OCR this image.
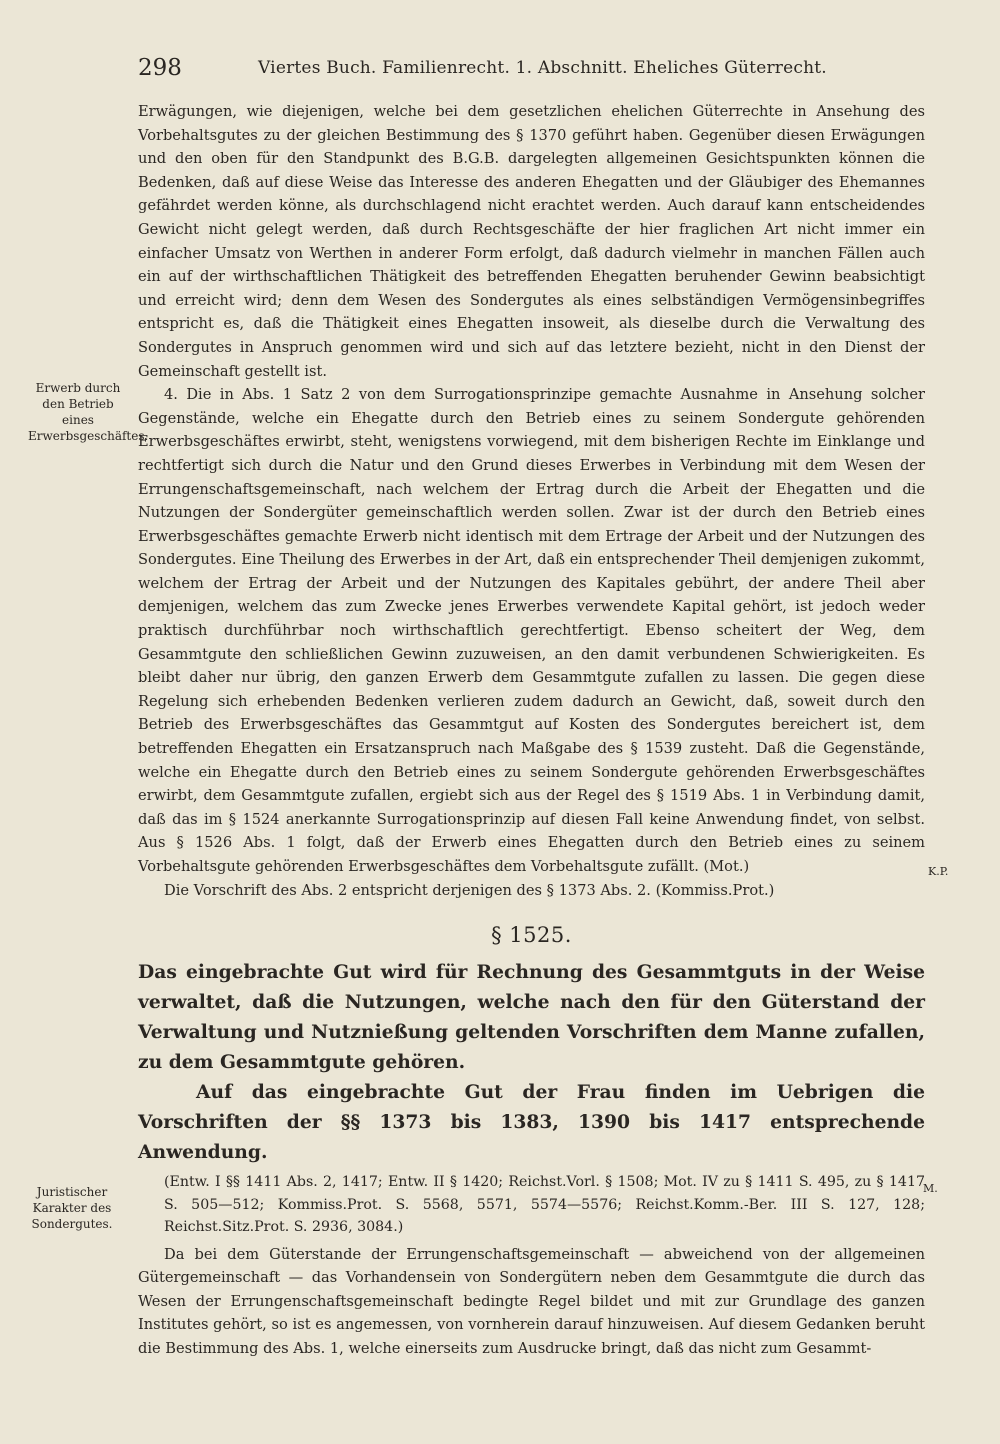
298	Viertes Buch. Familienrecht. 1. Abschnitt. Eheliches Güterrecht.
Erwerb durch den Betrieb eines Erwerbsgeschäftes.
Juristischer Karakter des Sondergutes.
K.P.
M.

Erwägungen, wie diejenigen, welche bei dem gesetzlichen ehelichen Güterrechte in Ansehung des Vorbehaltsgutes zu der gleichen Bestimmung des § 1370 geführt haben. Gegenüber diesen Erwägungen und den oben für den Standpunkt des B.G.B. dargelegten allgemeinen Gesichtspunkten können die Bedenken, daß auf diese Weise das Interesse des anderen Ehegatten und der Gläubiger des Ehemannes gefährdet werden könne, als durchschlagend nicht erachtet werden. Auch darauf kann entscheidendes Gewicht nicht gelegt werden, daß durch Rechtsgeschäfte der hier fraglichen Art nicht immer ein einfacher Umsatz von Werthen in anderer Form erfolgt, daß dadurch vielmehr in manchen Fällen auch ein auf der wirthschaftlichen Thätigkeit des betreffenden Ehegatten beruhender Gewinn beabsichtigt und erreicht wird; denn dem Wesen des Sondergutes als eines selbständigen Vermögensinbegriffes entspricht es, daß die Thätigkeit eines Ehegatten insoweit, als dieselbe durch die Verwaltung des Sondergutes in Anspruch genommen wird und sich auf das letztere bezieht, nicht in den Dienst der Gemeinschaft gestellt ist.

4. Die in Abs. 1 Satz 2 von dem Surrogationsprinzipe gemachte Ausnahme in Ansehung solcher Gegenstände, welche ein Ehegatte durch den Betrieb eines zu seinem Sondergute gehörenden Erwerbsgeschäftes erwirbt, steht, wenigstens vorwiegend, mit dem bisherigen Rechte im Einklange und rechtfertigt sich durch die Natur und den Grund dieses Erwerbes in Verbindung mit dem Wesen der Errungenschaftsgemeinschaft, nach welchem der Ertrag durch die Arbeit der Ehegatten und die Nutzungen der Sondergüter gemeinschaftlich werden sollen. Zwar ist der durch den Betrieb eines Erwerbsgeschäftes gemachte Erwerb nicht identisch mit dem Ertrage der Arbeit und der Nutzungen des Sondergutes. Eine Theilung des Erwerbes in der Art, daß ein entsprechender Theil demjenigen zukommt, welchem der Ertrag der Arbeit und der Nutzungen des Kapitales gebührt, der andere Theil aber demjenigen, welchem das zum Zwecke jenes Erwerbes verwendete Kapital gehört, ist jedoch weder praktisch durchführbar noch wirthschaftlich gerechtfertigt. Ebenso scheitert der Weg, dem Gesammtgute den schließlichen Gewinn zuzuweisen, an den damit verbundenen Schwierigkeiten. Es bleibt daher nur übrig, den ganzen Erwerb dem Gesammtgute zufallen zu lassen. Die gegen diese Regelung sich erhebenden Bedenken verlieren zudem dadurch an Gewicht, daß, soweit durch den Betrieb des Erwerbsgeschäftes das Gesammtgut auf Kosten des Sondergutes bereichert ist, dem betreffenden Ehegatten ein Ersatzanspruch nach Maßgabe des § 1539 zusteht. Daß die Gegenstände, welche ein Ehegatte durch den Betrieb eines zu seinem Sondergute gehörenden Erwerbsgeschäftes erwirbt, dem Gesammtgute zufallen, ergiebt sich aus der Regel des § 1519 Abs. 1 in Verbindung damit, daß das im § 1524 anerkannte Surrogationsprinzip auf diesen Fall keine Anwendung findet, von selbst. Aus § 1526 Abs. 1 folgt, daß der Erwerb eines Ehegatten durch den Betrieb eines zu seinem Vorbehaltsgute gehörenden Erwerbsgeschäftes dem Vorbehaltsgute zufällt. (Mot.)

Die Vorschrift des Abs. 2 entspricht derjenigen des § 1373 Abs. 2. (Kommiss.Prot.)

§ 1525.

Das eingebrachte Gut wird für Rechnung des Gesammtguts in der Weise verwaltet, daß die Nutzungen, welche nach den für den Güterstand der Verwaltung und Nutznießung geltenden Vorschriften dem Manne zufallen, zu dem Gesammtgute gehören.

Auf das eingebrachte Gut der Frau finden im Uebrigen die Vorschriften der §§ 1373 bis 1383, 1390 bis 1417 entsprechende Anwendung.

(Entw. I §§ 1411 Abs. 2, 1417; Entw. II § 1420; Reichst.Vorl. § 1508; Mot. IV zu § 1411 S. 495, zu § 1417 S. 505—512; Kommiss.Prot. S. 5568, 5571, 5574—5576; Reichst.Komm.-Ber. III S. 127, 128; Reichst.Sitz.Prot. S. 2936, 3084.)

Da bei dem Güterstande der Errungenschaftsgemeinschaft — abweichend von der allgemeinen Gütergemeinschaft — das Vorhandensein von Sondergütern neben dem Gesammtgute die durch das Wesen der Errungenschaftsgemeinschaft bedingte Regel bildet und mit zur Grundlage des ganzen Institutes gehört, so ist es angemessen, von vornherein darauf hinzuweisen. Auf diesem Gedanken beruht die Bestimmung des Abs. 1, welche einerseits zum Ausdrucke bringt, daß das nicht zum Gesammt-
